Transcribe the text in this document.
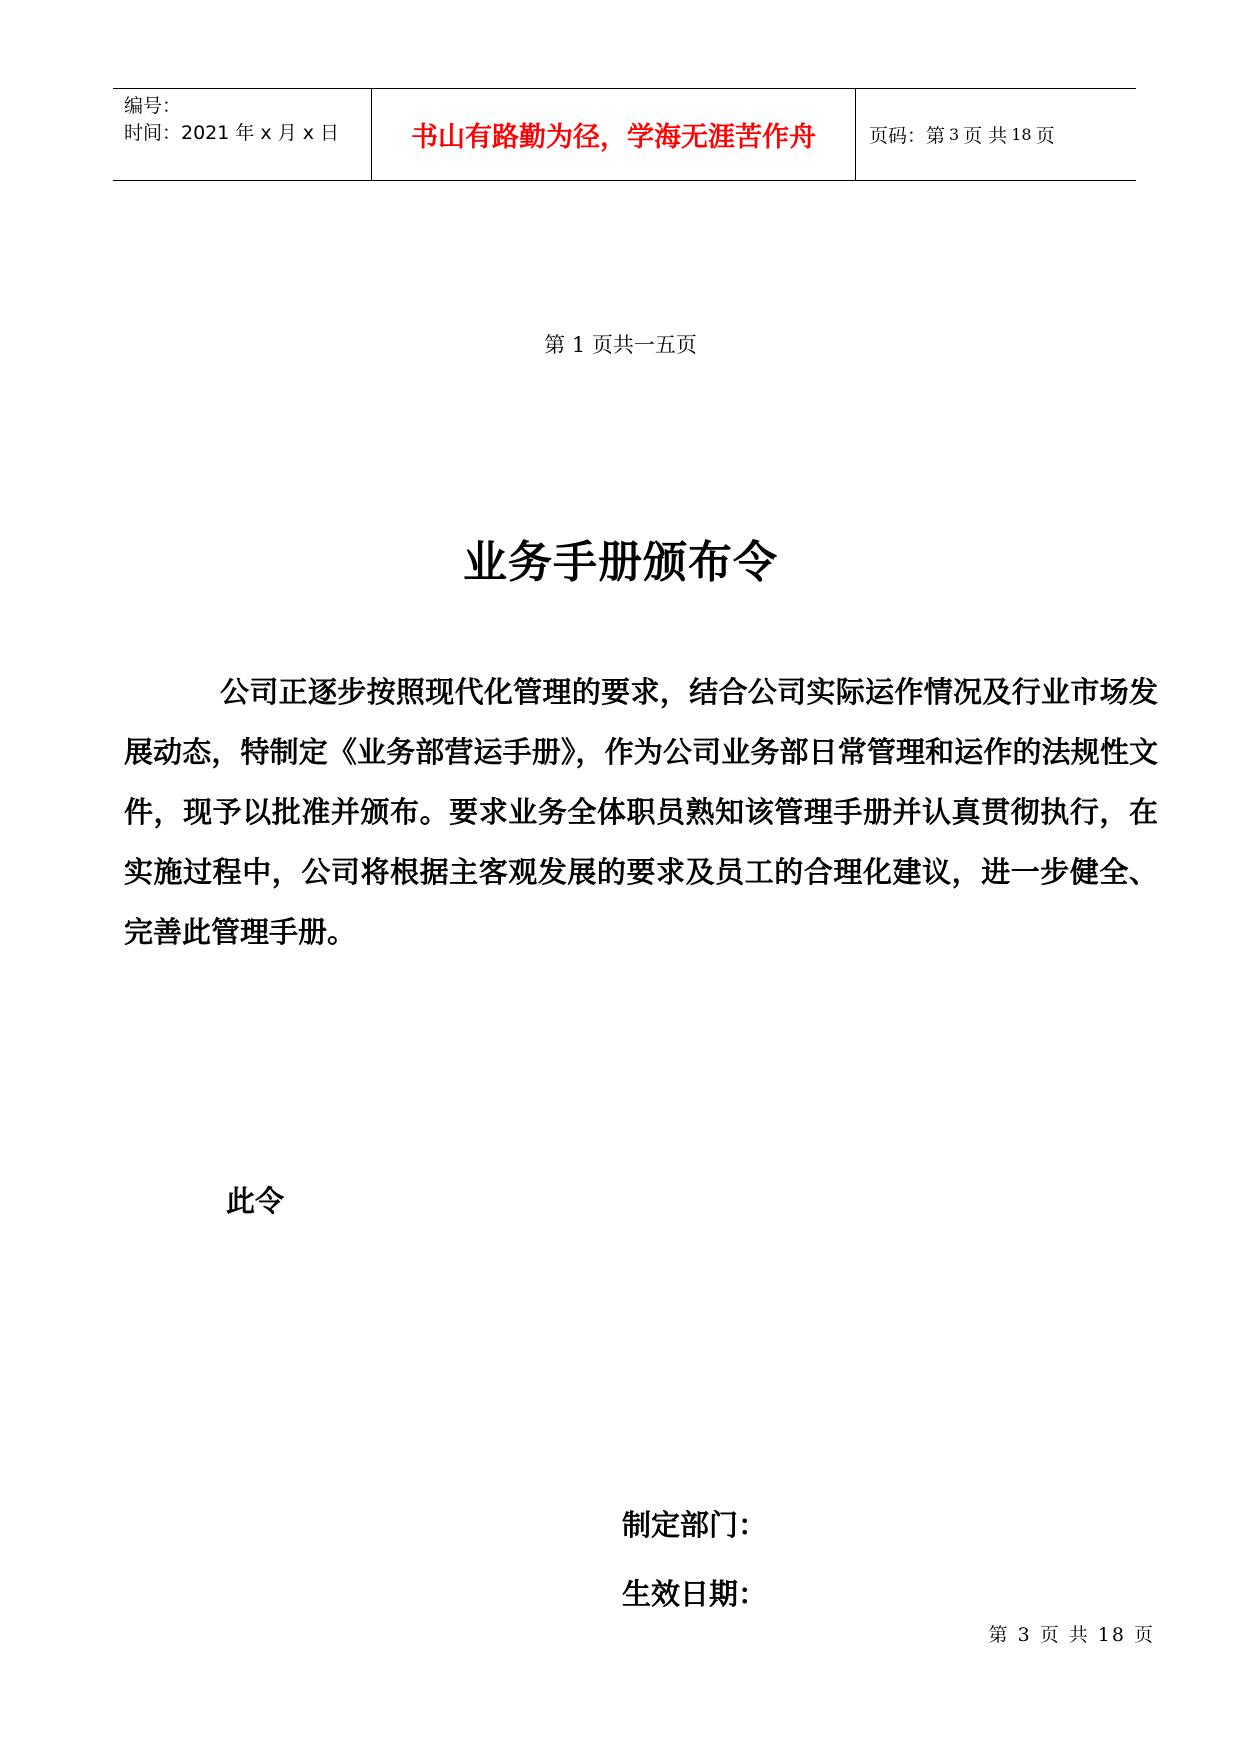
编号：
时间：2021 年 x 月 x 日	书山有路勤为径，学海无涯苦作舟	页码：第 3 页 共 18 页
第 1 页共一五页
业务手册颁布令

公司正逐步按照现代化管理的要求，结合公司实际运作情况及行业市场发展动态，特制定《业务部营运手册》，作为公司业务部日常管理和运作的法规性文件，现予以批准并颁布。要求业务全体职员熟知该管理手册并认真贯彻执行，在实施过程中，公司将根据主客观发展的要求及员工的合理化建议，进一步健全、完善此管理手册。

此令
制定部门：
生效日期：
第 3 页 共 18 页
